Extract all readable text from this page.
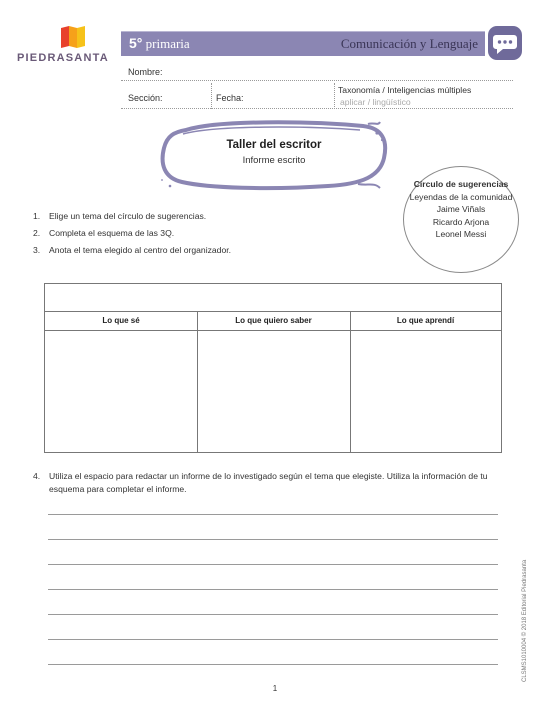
PIEDRASANTA
5° primaria	Comunicación y Lenguaje
Nombre:
Sección:	Fecha:
Taxonomía / Inteligencias múltiples
aplicar / lingüístico
Taller del escritor
Informe escrito
Círculo de sugerencias
Leyendas de la comunidad
Jaime Viñals
Ricardo Arjona
Leonel Messi
1. Elige un tema del círculo de sugerencias.
2. Completa el esquema de las 3Q.
3. Anota el tema elegido al centro del organizador.
Lo que sé	Lo que quiero saber	Lo que aprendí
4. Utiliza el espacio para redactar un informe de lo investigado según el tema que elegiste. Utiliza la información de tu esquema para completar el informe.
CLSMS1010004 © 2018 Editorial Piedrasanta
1
